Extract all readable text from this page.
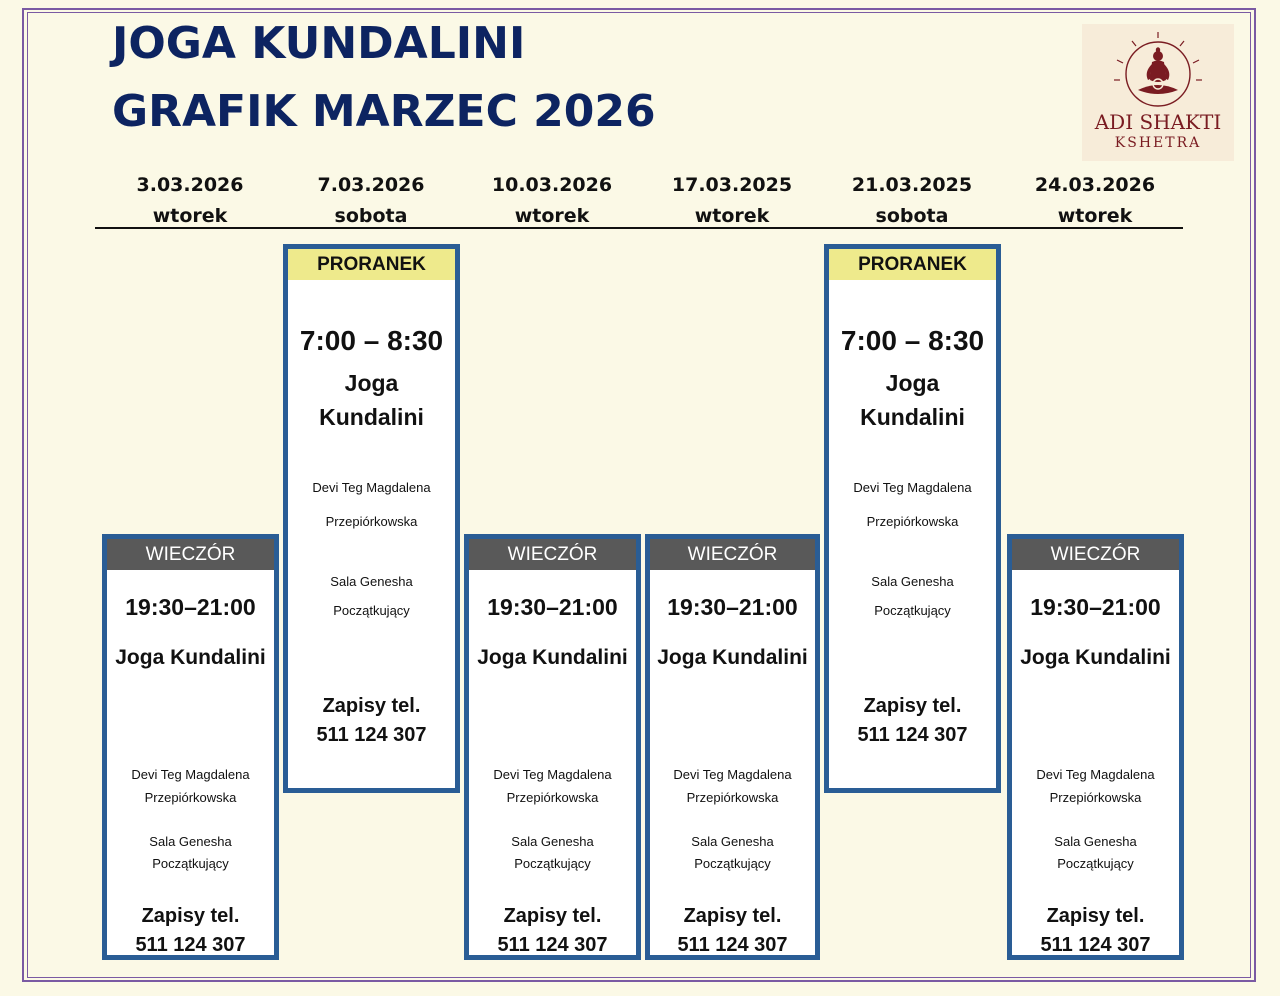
JOGA KUNDALINI
GRAFIK MARZEC 2026	ADI SHAKTI
KSHETRA
3.03.2026
wtorek
7.03.2026
sobota
10.03.2026
wtorek
17.03.2025
wtorek
21.03.2025
sobota
24.03.2026
wtorek
WIECZÓR
19:30–21:00
Joga Kundalini
Devi Teg Magdalena
Przepiórkowska
Sala Genesha
Początkujący
Zapisy tel.
511 124 307
PRORANEK
7:00 – 8:30
Joga
Kundalini
Devi Teg Magdalena
Przepiórkowska
Sala Genesha
Początkujący
Zapisy tel.
511 124 307
WIECZÓR
19:30–21:00
Joga Kundalini
Devi Teg Magdalena
Przepiórkowska
Sala Genesha
Początkujący
Zapisy tel.
511 124 307
WIECZÓR
19:30–21:00
Joga Kundalini
Devi Teg Magdalena
Przepiórkowska
Sala Genesha
Początkujący
Zapisy tel.
511 124 307
PRORANEK
7:00 – 8:30
Joga
Kundalini
Devi Teg Magdalena
Przepiórkowska
Sala Genesha
Początkujący
Zapisy tel.
511 124 307
WIECZÓR
19:30–21:00
Joga Kundalini
Devi Teg Magdalena
Przepiórkowska
Sala Genesha
Początkujący
Zapisy tel.
511 124 307
